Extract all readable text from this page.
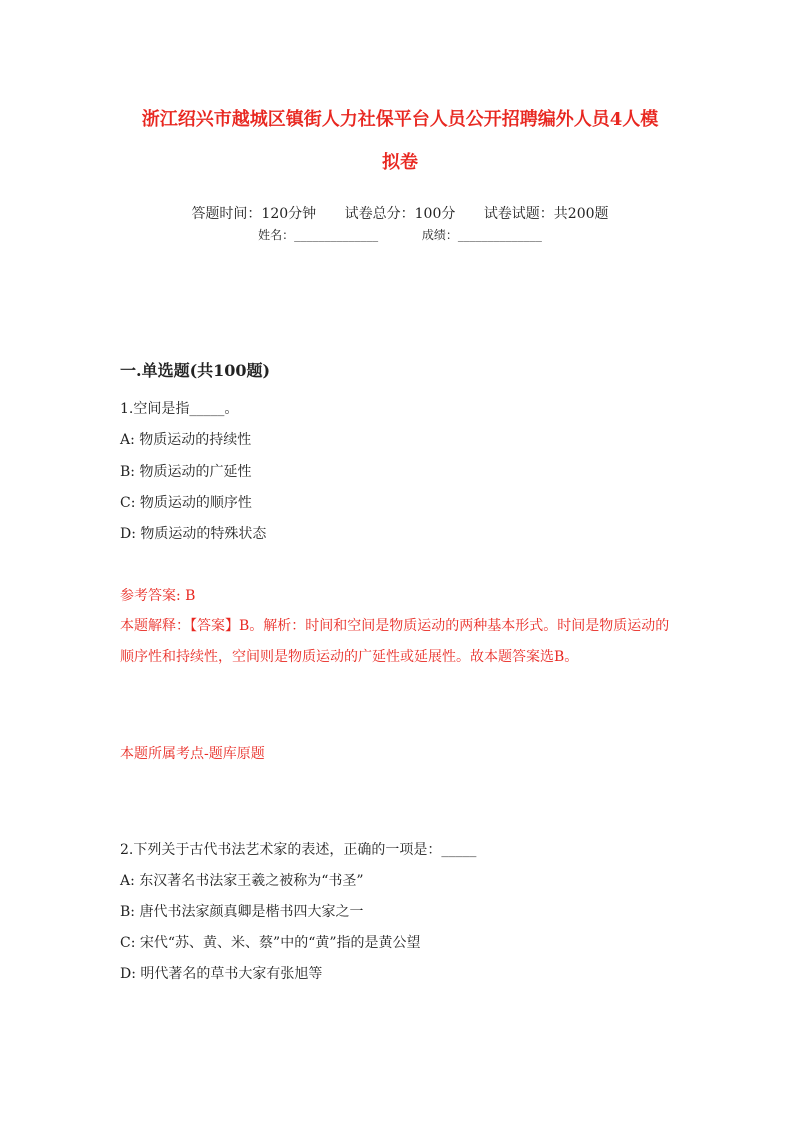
浙江绍兴市越城区镇街人力社保平台人员公开招聘编外人员4人模
拟卷
答题时间：120分钟 试卷总分：100分 试卷试题：共200题
姓名：______________	成绩：______________
一.单选题(共100题)
1.空间是指_____。
A: 物质运动的持续性
B: 物质运动的广延性
C: 物质运动的顺序性
D: 物质运动的特殊状态
参考答案: B
本题解释：【答案】B。解析：时间和空间是物质运动的两种基本形式。时间是物质运动的顺序性和持续性，空间则是物质运动的广延性或延展性。故本题答案选B。
本题所属考点-题库原题
2.下列关于古代书法艺术家的表述，正确的一项是：_____
A: 东汉著名书法家王羲之被称为“书圣”
B: 唐代书法家颜真卿是楷书四大家之一
C: 宋代“苏、黄、米、蔡”中的“黄”指的是黄公望
D: 明代著名的草书大家有张旭等
